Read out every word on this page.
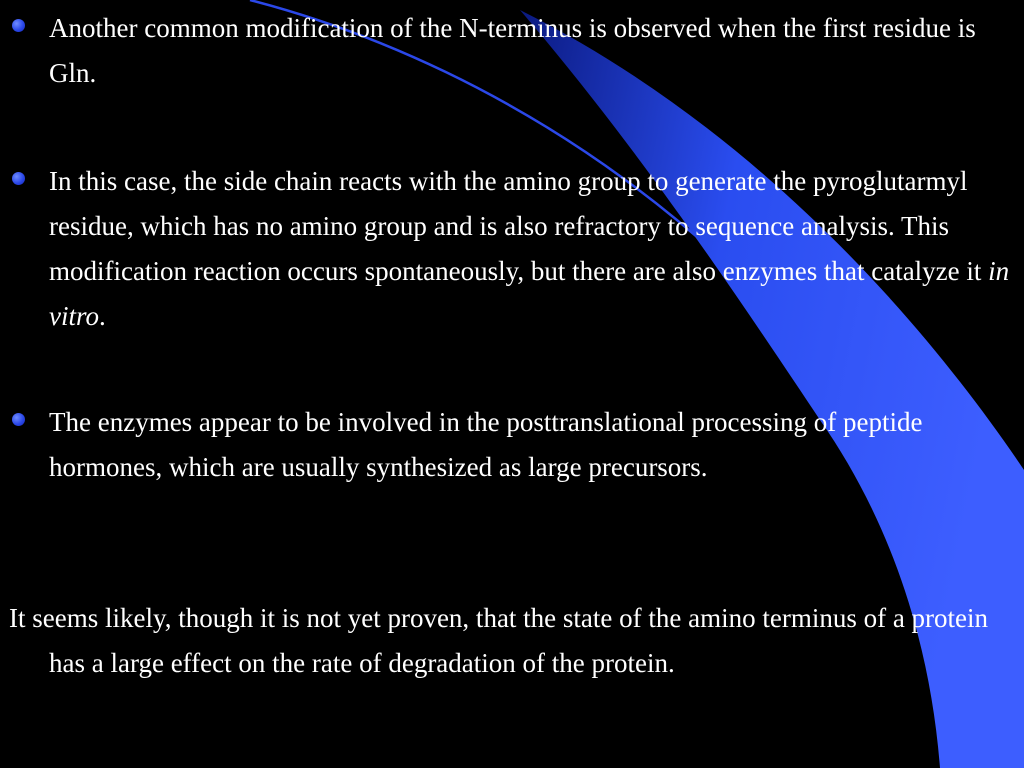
Another common modification of the N-terminus is observed when the first residue is Gln.

In this case, the side chain reacts with the amino group to generate the pyroglutarmyl residue, which has no amino group and is also refractory to sequence analysis. This modification reaction occurs spontaneously, but there are also enzymes that catalyze it in vitro.

The enzymes appear to be involved in the posttranslational processing of peptide hormones, which are usually synthesized as large precursors.

It seems likely, though it is not yet proven, that the state of the amino terminus of a protein has a large effect on the rate of degradation of the protein.
